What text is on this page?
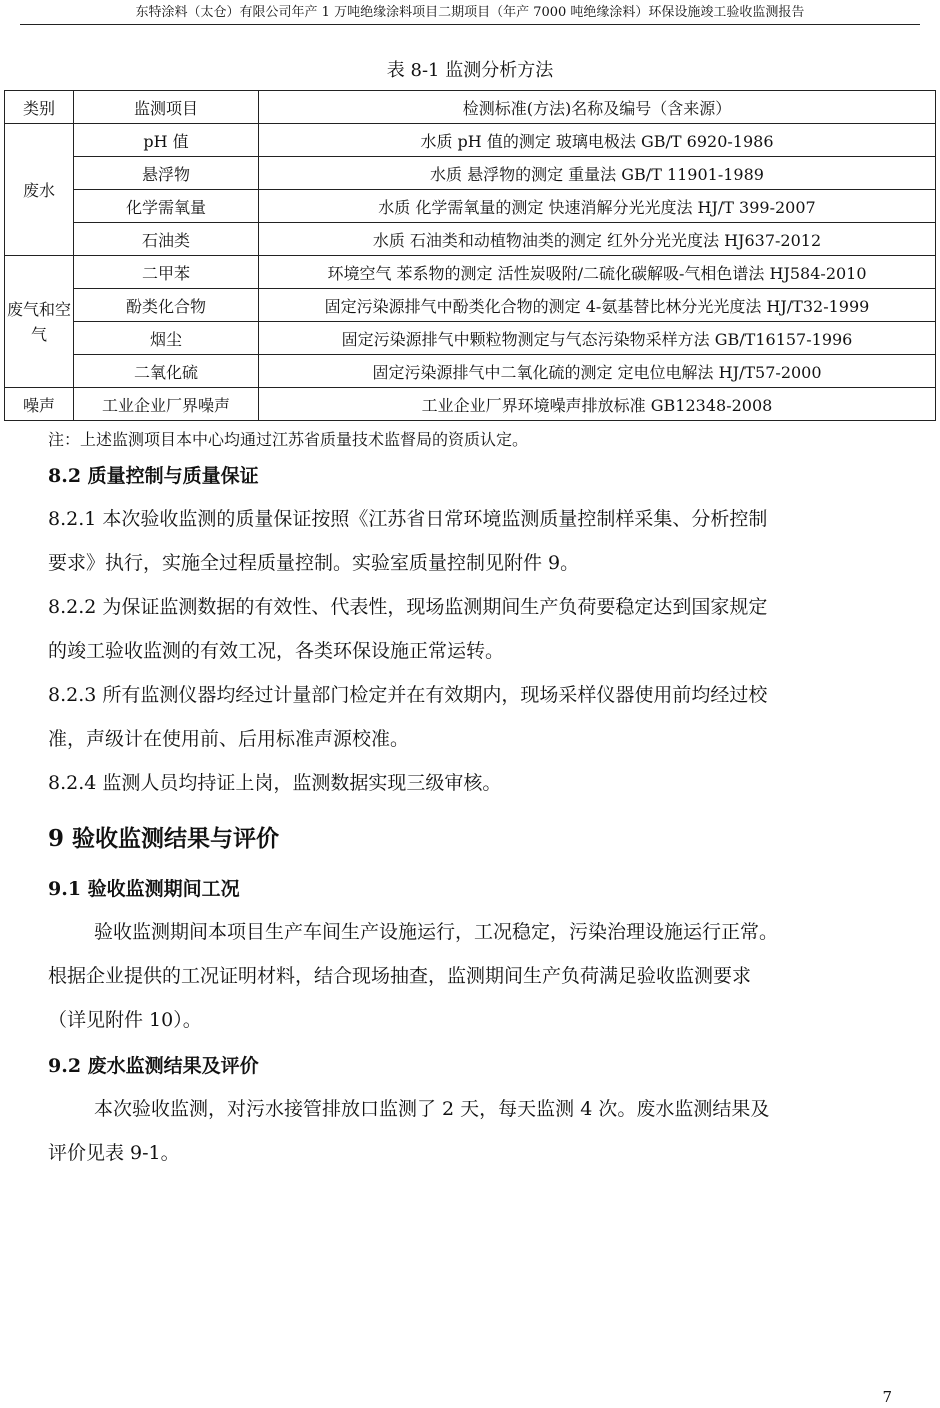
东特涂料（太仓）有限公司年产 1 万吨绝缘涂料项目二期项目（年产 7000 吨绝缘涂料）环保设施竣工验收监测报告
表 8-1 监测分析方法
类别	监测项目	检测标准(方法)名称及编号（含来源）
废水	pH 值	水质 pH 值的测定 玻璃电极法 GB/T 6920-1986
	悬浮物	水质 悬浮物的测定 重量法 GB/T 11901-1989
	化学需氧量	水质 化学需氧量的测定 快速消解分光光度法 HJ/T 399-2007
	石油类	水质 石油类和动植物油类的测定 红外分光光度法 HJ637-2012
废气和空气	二甲苯	环境空气 苯系物的测定 活性炭吸附/二硫化碳解吸-气相色谱法 HJ584-2010
	酚类化合物	固定污染源排气中酚类化合物的测定 4-氨基替比林分光光度法 HJ/T32-1999
	烟尘	固定污染源排气中颗粒物测定与气态污染物采样方法 GB/T16157-1996
	二氧化硫	固定污染源排气中二氧化硫的测定 定电位电解法 HJ/T57-2000
噪声	工业企业厂界噪声	工业企业厂界环境噪声排放标准 GB12348-2008
注：上述监测项目本中心均通过江苏省质量技术监督局的资质认定。
8.2 质量控制与质量保证
8.2.1 本次验收监测的质量保证按照《江苏省日常环境监测质量控制样采集、分析控制
要求》执行，实施全过程质量控制。实验室质量控制见附件 9。
8.2.2 为保证监测数据的有效性、代表性，现场监测期间生产负荷要稳定达到国家规定
的竣工验收监测的有效工况，各类环保设施正常运转。
8.2.3 所有监测仪器均经过计量部门检定并在有效期内，现场采样仪器使用前均经过校
准，声级计在使用前、后用标准声源校准。
8.2.4 监测人员均持证上岗，监测数据实现三级审核。
9 验收监测结果与评价
9.1 验收监测期间工况
验收监测期间本项目生产车间生产设施运行，工况稳定，污染治理设施运行正常。
根据企业提供的工况证明材料，结合现场抽查，监测期间生产负荷满足验收监测要求
（详见附件 10）。
9.2 废水监测结果及评价
本次验收监测，对污水接管排放口监测了 2 天，每天监测 4 次。废水监测结果及
评价见表 9-1。
7
